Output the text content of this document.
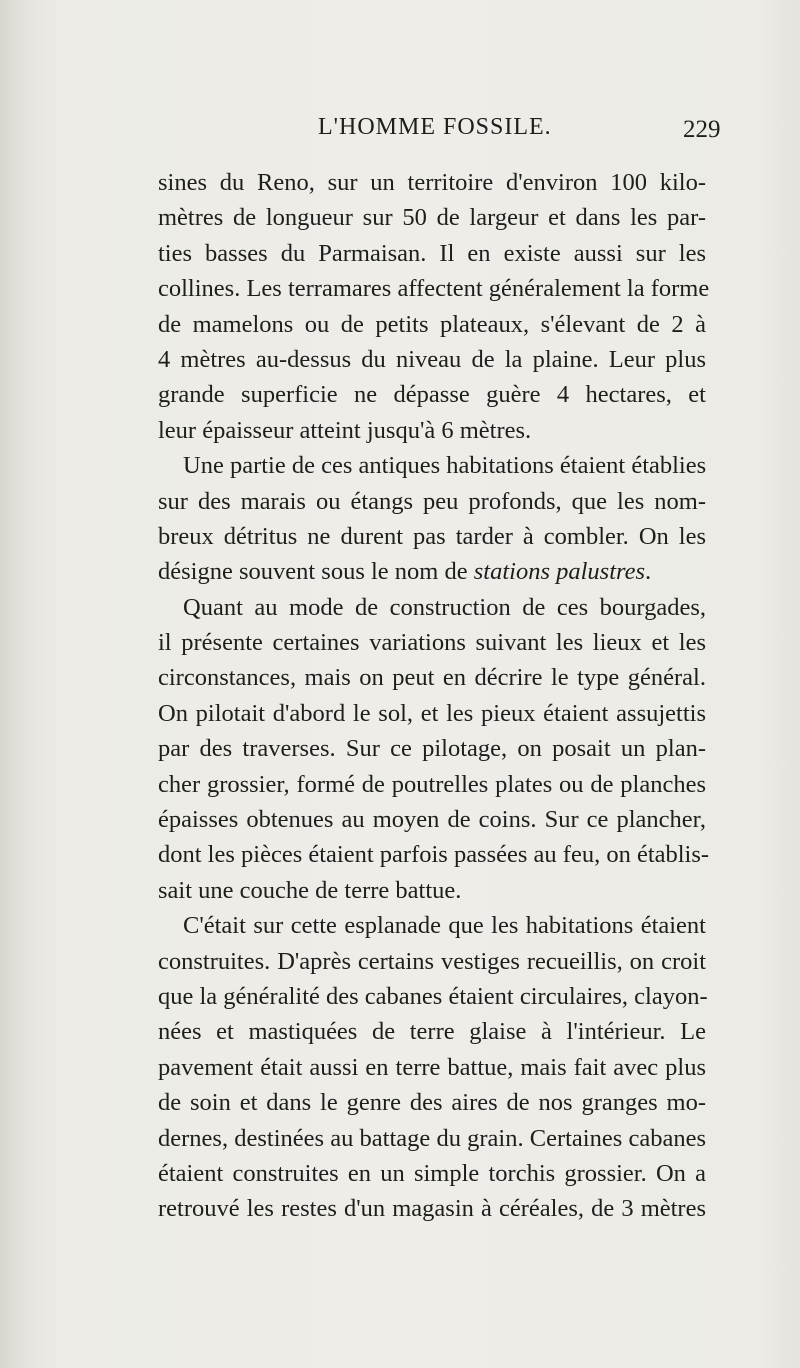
L'HOMME FOSSILE.	229
sines du Reno, sur un territoire d'environ 100 kilo-
mètres de longueur sur 50 de largeur et dans les par-
ties basses du Parmaisan. Il en existe aussi sur les
collines. Les terramares affectent généralement la forme
de mamelons ou de petits plateaux, s'élevant de 2 à
4 mètres au-dessus du niveau de la plaine. Leur plus
grande superficie ne dépasse guère 4 hectares, et
leur épaisseur atteint jusqu'à 6 mètres.
Une partie de ces antiques habitations étaient établies
sur des marais ou étangs peu profonds, que les nom-
breux détritus ne durent pas tarder à combler. On les
désigne souvent sous le nom de stations palustres.
Quant au mode de construction de ces bourgades,
il présente certaines variations suivant les lieux et les
circonstances, mais on peut en décrire le type général.
On pilotait d'abord le sol, et les pieux étaient assujettis
par des traverses. Sur ce pilotage, on posait un plan-
cher grossier, formé de poutrelles plates ou de planches
épaisses obtenues au moyen de coins. Sur ce plancher,
dont les pièces étaient parfois passées au feu, on établis-
sait une couche de terre battue.
C'était sur cette esplanade que les habitations étaient
construites. D'après certains vestiges recueillis, on croit
que la généralité des cabanes étaient circulaires, clayon-
nées et mastiquées de terre glaise à l'intérieur. Le
pavement était aussi en terre battue, mais fait avec plus
de soin et dans le genre des aires de nos granges mo-
dernes, destinées au battage du grain. Certaines cabanes
étaient construites en un simple torchis grossier. On a
retrouvé les restes d'un magasin à céréales, de 3 mètres
